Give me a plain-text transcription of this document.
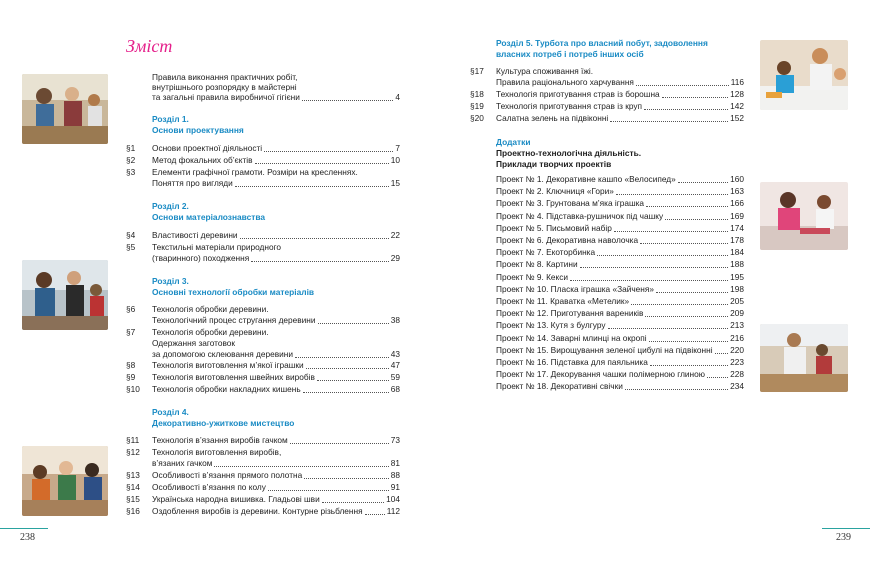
Зміст
Правила виконання практичних робіт,
внутрішнього розпорядку в майстерні
та загальні правила виробничої гігієни	4
Розділ 1.
Основи проектування
§1 Основи проектної діяльності	7
§2 Метод фокальних об’єктів	10
§3 Елементи графічної грамоти. Розміри на кресленнях.
Поняття про вигляди	15
Розділ 2.
Основи матеріалознавства
§4 Властивості деревини	22
§5 Текстильні матеріали природного
(тваринного) походження	29
Розділ 3.
Основні технології обробки матеріалів
§6 Технологія обробки деревини.
Технологічний процес стругання деревини	38
§7 Технологія обробки деревини.
Одержання заготовок
за допомогою склеювання деревини	43
§8 Технологія виготовлення м’якої іграшки	47
§9 Технологія виготовлення швейних виробів	59
§10 Технологія обробки накладних кишень	68
Розділ 4.
Декоративно-ужиткове мистецтво
§11 Технологія в’язання виробів гачком	73
§12 Технологія виготовлення виробів,
в’язаних гачком	81
§13 Особливості в’язання прямого полотна	88
§14 Особливості в’язання по колу	91
§15 Українська народна вишивка. Гладьові шви	104
§16 Оздоблення виробів із деревини. Контурне різьблення	112
238	239
Розділ 5. Турбота про власний побут, задоволення
власних потреб і потреб інших осіб
§17 Культура споживання їжі.
Правила раціонального харчування	116
§18 Технологія приготування страв із борошна	128
§19 Технологія приготування страв із круп	142
§20 Салатна зелень на підвіконні	152
Додатки
Проектно-технологічна діяльність.
Приклади творчих проектів
Проект № 1. Декоративне кашпо «Велосипед»	160
Проект № 2. Ключниця «Гори»	163
Проект № 3. Грунтована м’яка іграшка	166
Проект № 4. Підставка-рушничок під чашку	169
Проект № 5. Письмовий набір	174
Проект № 6. Декоративна наволочка	178
Проект № 7. Екоторбинка	184
Проект № 8. Картини	188
Проект № 9. Кекси	195
Проект № 10. Пласка іграшка «Зайченя»	198
Проект № 11. Краватка «Метелик»	205
Проект № 12. Приготування вареників	209
Проект № 13. Кутя з булгуру	213
Проект № 14. Заварні млинці на окропі	216
Проект № 15. Вирощування зеленої цибулі на підвіконні 220
Проект № 16. Підставка для паяльника	223
Проект № 17. Декорування чашки полімерною глиною	228
Проект № 18. Декоративні свічки	234
